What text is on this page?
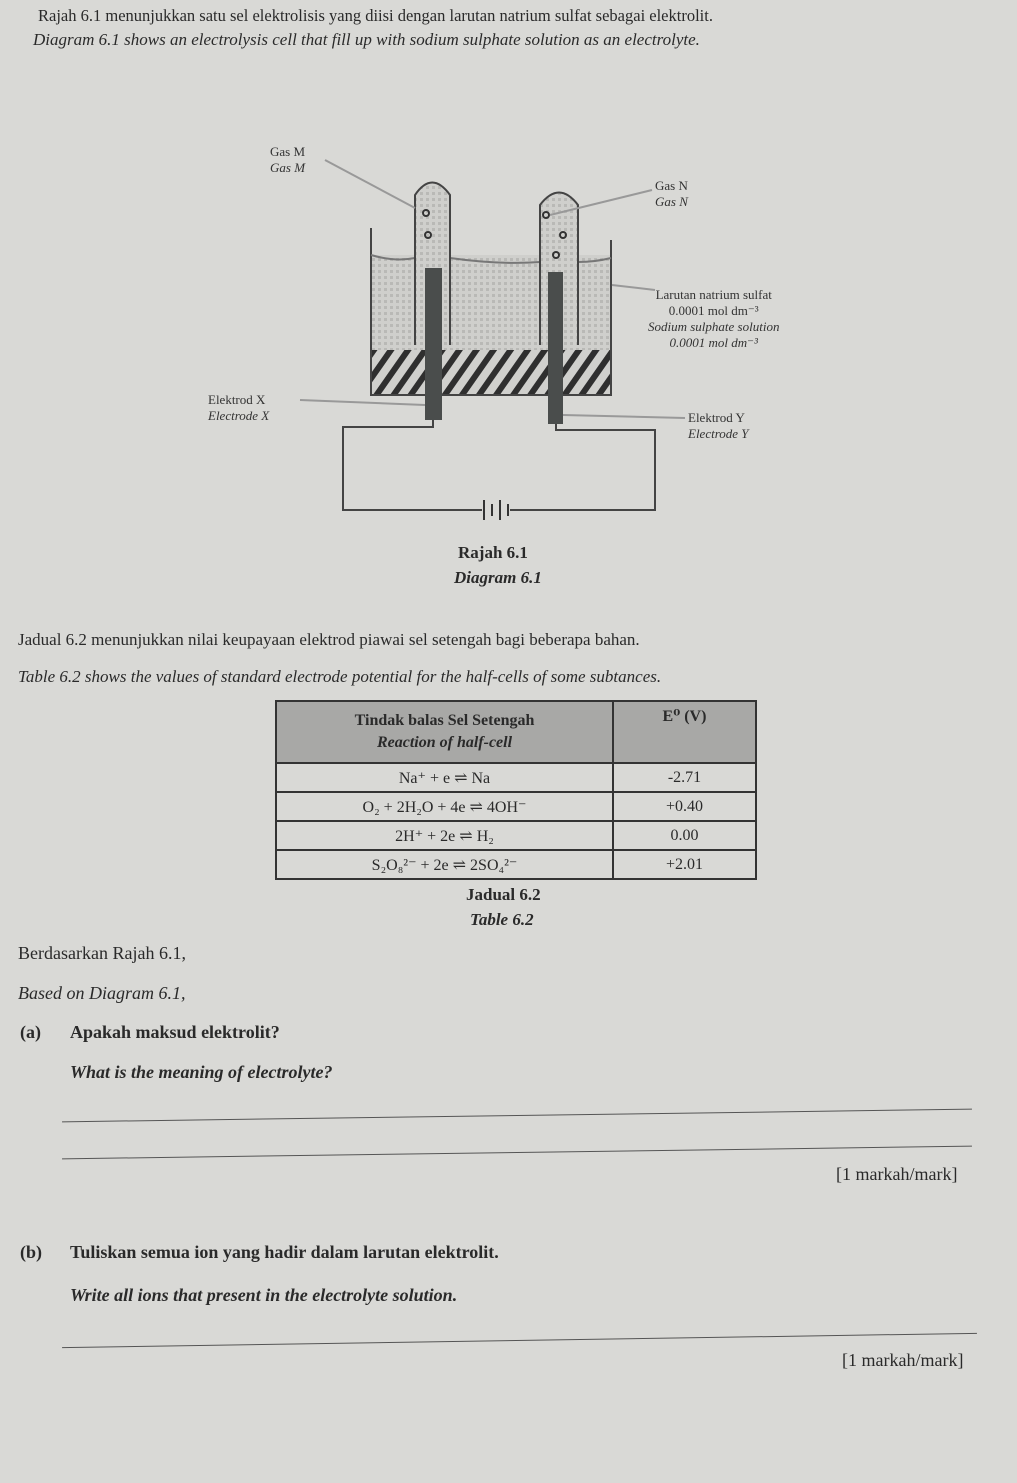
Rajah 6.1 menunjukkan satu sel elektrolisis yang diisi dengan larutan natrium sulfat sebagai elektrolit.
Diagram 6.1 shows an electrolysis cell that fill up with sodium sulphate solution as an electrolyte.
Gas M
Gas M
Gas N
Gas N
Larutan natrium sulfat
0.0001 mol dm⁻³
Sodium sulphate solution
0.0001 mol dm⁻³
Elektrod X
Electrode X	Elektrod Y
Electrode Y
Rajah 6.1
Diagram 6.1
Jadual 6.2 menunjukkan nilai keupayaan elektrod piawai sel setengah bagi beberapa bahan.
Table 6.2 shows the values of standard electrode potential for the half-cells of some subtances.
Tindak balas Sel Setengah
Reaction of half-cell	E⁰ (V)
Na⁺ + e ⇌ Na	-2.71
O₂ + 2H₂O + 4e ⇌ 4OH⁻	+0.40
2H⁺ + 2e ⇌ H₂	0.00
S₂O₈²⁻ + 2e ⇌ 2SO₄²⁻	+2.01
Jadual 6.2
Table 6.2
Berdasarkan Rajah 6.1,
Based on Diagram 6.1,
(a) Apakah maksud elektrolit?
What is the meaning of electrolyte?
[1 markah/mark]
(b) Tuliskan semua ion yang hadir dalam larutan elektrolit.
Write all ions that present in the electrolyte solution.
[1 markah/mark]
